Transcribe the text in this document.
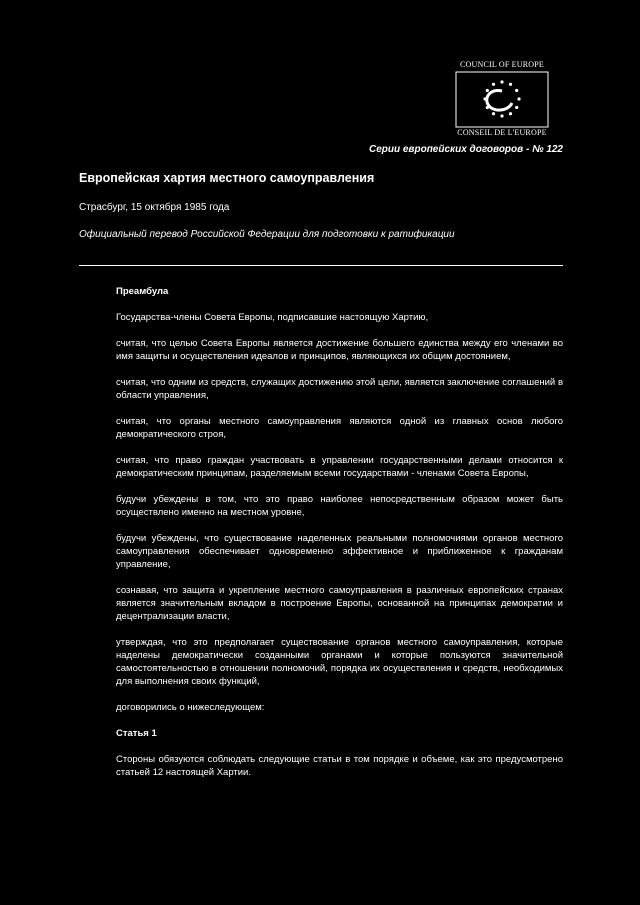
COUNCIL OF EUROPE
CONSEIL DE L'EUROPE
Серии европейских договоров - № 122
Европейская хартия местного самоуправления
Страсбург, 15 октября 1985 года
Официальный перевод Российской Федерации для подготовки к ратификации

Преамбула

Государства-члены Совета Европы, подписавшие настоящую Хартию,

считая, что целью Совета Европы является достижение большего единства между его членами во имя защиты и осуществления идеалов и принципов, являющихся их общим достоянием,

считая, что одним из средств, служащих достижению этой цели, является заключение соглашений в области управления,

считая, что органы местного самоуправления являются одной из главных основ любого демократического строя,

считая, что право граждан участвовать в управлении государственными делами относится к демократическим принципам, разделяемым всеми государствами - членами Совета Европы,

будучи убеждены в том, что это право наиболее непосредственным образом может быть осуществлено именно на местном уровне,

будучи убеждены, что существование наделенных реальными полномочиями органов местного самоуправления обеспечивает одновременно эффективное и приближенное к гражданам управление,

сознавая, что защита и укрепление местного самоуправления в различных европейских странах является значительным вкладом в построение Европы, основанной на принципах демократии и децентрализации власти,

утверждая, что это предполагает существование органов местного самоуправления, которые наделены демократически созданными органами и которые пользуются значительной самостоятельностью в отношении полномочий, порядка их осуществления и средств, необходимых для выполнения своих функций,

договорились о нижеследующем:

Статья 1

Стороны обязуются соблюдать следующие статьи в том порядке и объеме, как это предусмотрено статьей 12 настоящей Хартии.
